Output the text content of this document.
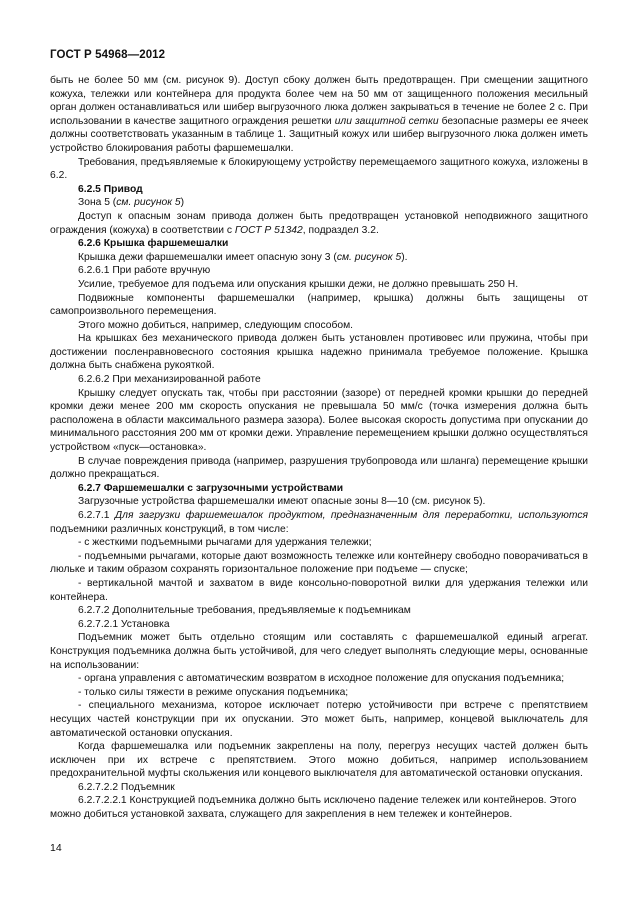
ГОСТ Р 54968—2012

быть не более 50 мм (см. рисунок 9). Доступ сбоку должен быть предотвращен. При смещении защитного кожуха, тележки или контейнера для продукта более чем на 50 мм от защищенного положения месильный орган должен останавливаться или шибер выгрузочного люка должен закрываться в течение не более 2 с. При использовании в качестве защитного ограждения решетки или защитной сетки безопасные размеры ее ячеек должны соответствовать указанным в таблице 1. Защитный кожух или шибер выгрузочного люка должен иметь устройство блокирования работы фаршемешалки.

Требования, предъявляемые к блокирующему устройству перемещаемого защитного кожуха, изложены в 6.2.

6.2.5 Привод

Зона 5 (см. рисунок 5)

Доступ к опасным зонам привода должен быть предотвращен установкой неподвижного защитного ограждения (кожуха) в соответствии с ГОСТ Р 51342, подраздел 3.2.

6.2.6 Крышка фаршемешалки

Крышка дежи фаршемешалки имеет опасную зону 3 (см. рисунок 5).

6.2.6.1 При работе вручную

Усилие, требуемое для подъема или опускания крышки дежи, не должно превышать 250 Н.

Подвижные компоненты фаршемешалки (например, крышка) должны быть защищены от самопроизвольного перемещения.

Этого можно добиться, например, следующим способом.

На крышках без механического привода должен быть установлен противовес или пружина, чтобы при достижении посленравновесного состояния крышка надежно принимала требуемое положение. Крышка должна быть снабжена рукояткой.

6.2.6.2 При механизированной работе

Крышку следует опускать так, чтобы при расстоянии (зазоре) от передней кромки крышки до передней кромки дежи менее 200 мм скорость опускания не превышала 50 мм/с (точка измерения должна быть расположена в области максимального размера зазора). Более высокая скорость допустима при опускании до минимального расстояния 200 мм от кромки дежи. Управление перемещением крышки должно осуществляться устройством «пуск—остановка».

В случае повреждения привода (например, разрушения трубопровода или шланга) перемещение крышки должно прекращаться.

6.2.7 Фаршемешалки с загрузочными устройствами

Загрузочные устройства фаршемешалки имеют опасные зоны 8—10 (см. рисунок 5).

6.2.7.1 Для загрузки фаршемешалок продуктом, предназначенным для переработки, используются подъемники различных конструкций, в том числе:

- с жесткими подъемными рычагами для удержания тележки;

- подъемными рычагами, которые дают возможность тележке или контейнеру свободно поворачиваться в люльке и таким образом сохранять горизонтальное положение при подъеме — спуске;

- вертикальной мачтой и захватом в виде консольно-поворотной вилки для удержания тележки или контейнера.

6.2.7.2 Дополнительные требования, предъявляемые к подъемникам

6.2.7.2.1 Установка

Подъемник может быть отдельно стоящим или составлять с фаршемешалкой единый агрегат. Конструкция подъемника должна быть устойчивой, для чего следует выполнять следующие меры, основанные на использовании:

- органа управления с автоматическим возвратом в исходное положение для опускания подъемника;

- только силы тяжести в режиме опускания подъемника;

- специального механизма, которое исключает потерю устойчивости при встрече с препятствием несущих частей конструкции при их опускании. Это может быть, например, концевой выключатель для автоматической остановки опускания.

Когда фаршемешалка или подъемник закреплены на полу, перегруз несущих частей должен быть исключен при их встрече с препятствием. Этого можно добиться, например использованием предохранительной муфты скольжения или концевого выключателя для автоматической остановки опускания.

6.2.7.2.2 Подъемник

6.2.7.2.2.1 Конструкцией подъемника должно быть исключено падение тележек или контейнеров. Этого можно добиться установкой захвата, служащего для закрепления в нем тележек и контейнеров.

14
